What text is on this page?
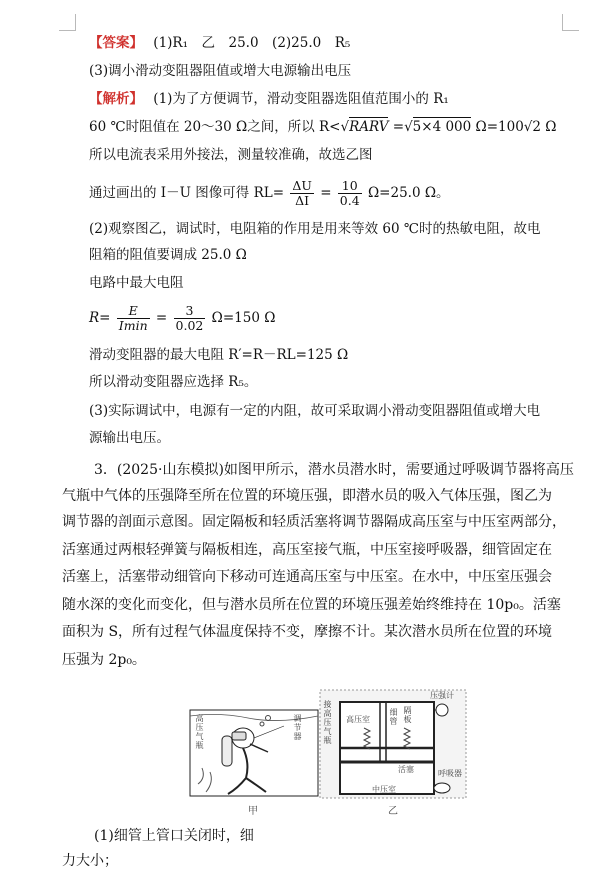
【答案】 (1)R₁　乙　25.0　(2)25.0　R₅
(3)调小滑动变阻器阻值或增大电源输出电压
【解析】 (1)为了方便调节，滑动变阻器选阻值范围小的 R₁
60 ℃时阻值在 20～30 Ω之间，所以 R<√RARV =√5×4 000 Ω=100√2 Ω
所以电流表采用外接法，测量较准确，故选乙图
通过画出的 I－U 图像可得 $RL= \frac{\Delta U}{\Delta I} = \frac{10}{0.4} \Omega=25.0$ Ω。
(2)观察图乙，调试时，电阻箱的作用是用来等效 60 ℃时的热敏电阻，故电
阻箱的阻值要调成 25.0 Ω
电路中最大电阻
$R= \frac{E}{Imin} = \frac{3}{0.02} \Omega=150$ Ω
滑动变阻器的最大电阻 R′=R－RL=125 Ω
所以滑动变阻器应选择 R₅。
(3)实际调试中，电源有一定的内阻，故可采取调小滑动变阻器阻值或增大电
源输出电压。
3．(2025·山东模拟)如图甲所示，潜水员潜水时，需要通过呼吸调节器将高压
气瓶中气体的压强降至所在位置的环境压强，即潜水员的吸入气体压强，图乙为
调节器的剖面示意图。固定隔板和轻质活塞将调节器隔成高压室与中压室两部分，
活塞通过两根轻弹簧与隔板相连，高压室接气瓶，中压室接呼吸器，细管固定在
活塞上，活塞带动细管向下移动可连通高压室与中压室。在水中，中压室压强会
随水深的变化而变化，但与潜水员所在位置的环境压强差始终维持在 10p₀。活塞
面积为 S，所有过程气体温度保持不变，摩擦不计。某次潜水员所在位置的环境
压强为 2p₀。
高压气瓶	调节器
甲
接高压气瓶 高压室 细管 隔板
压强计
活塞
中压室
呼吸器
乙
(1)细管上管口关闭时，细
力大小；
